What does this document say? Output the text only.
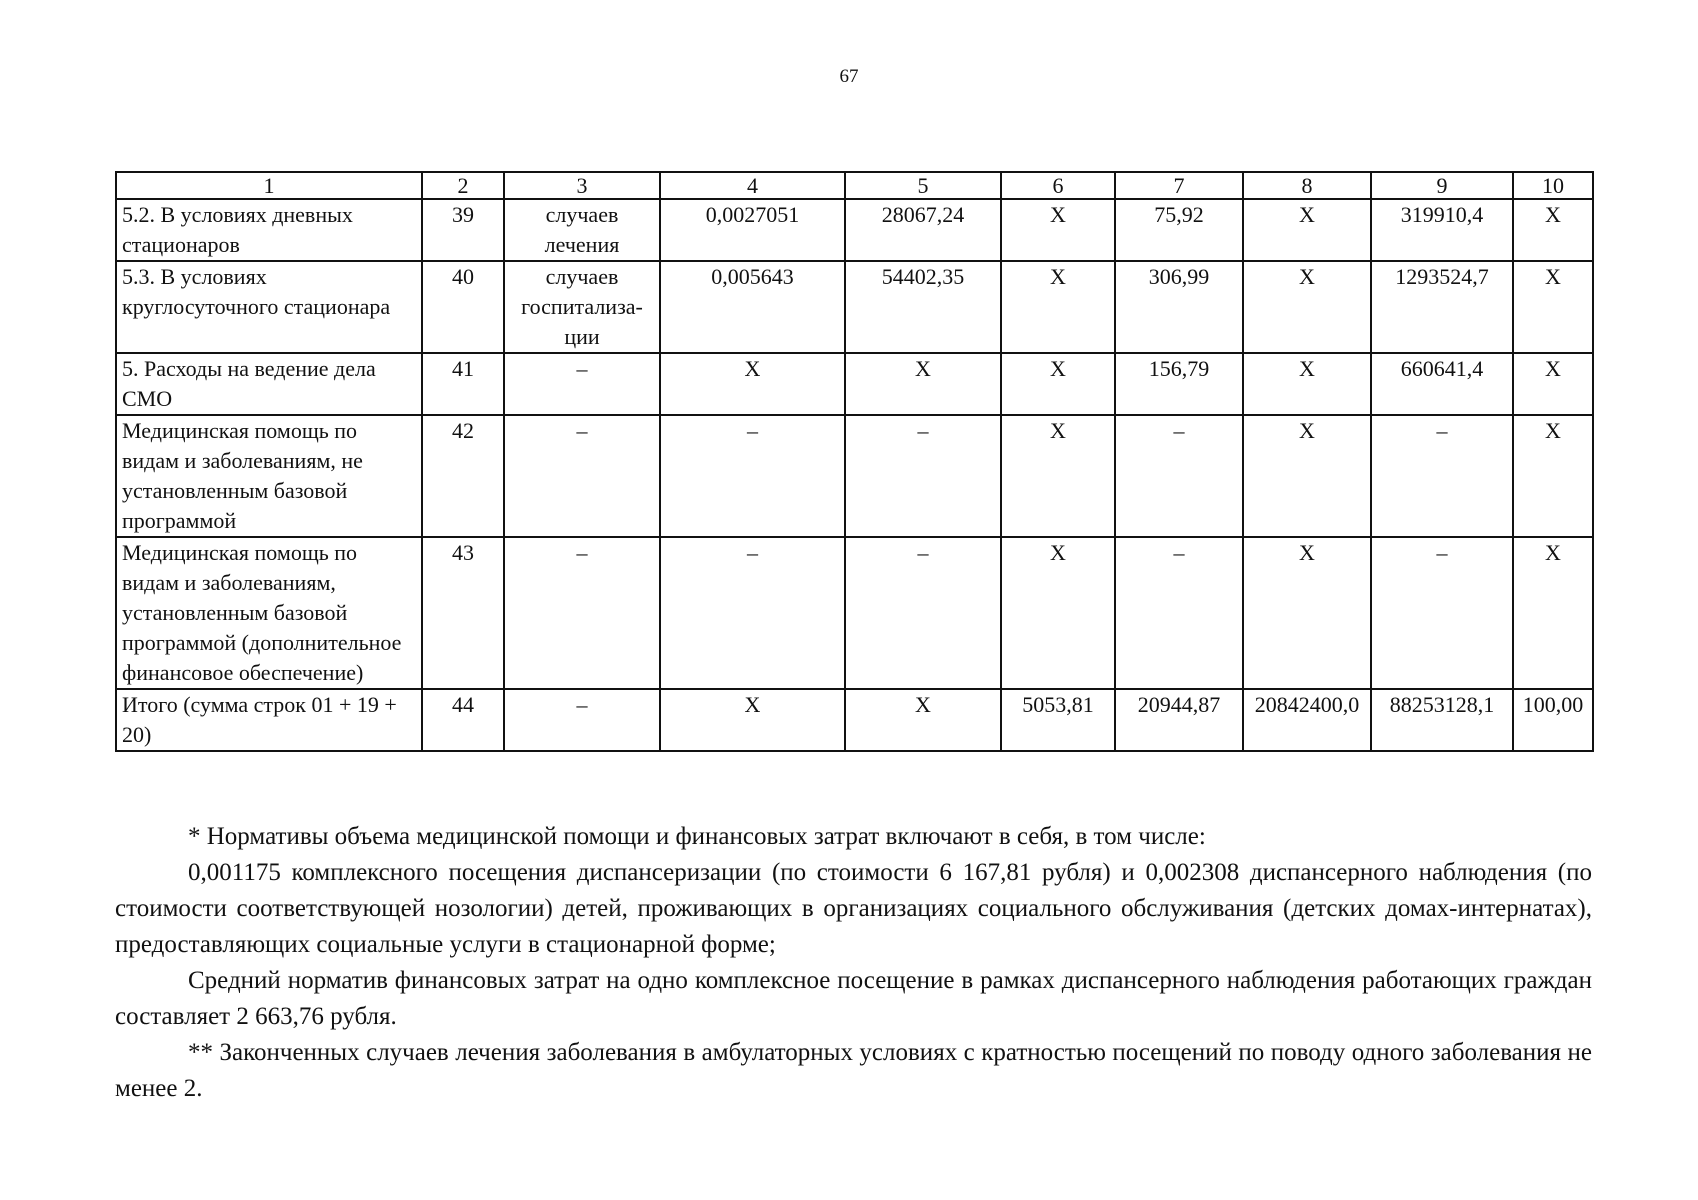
67
1	2	3	4	5	6	7	8	9	10
5.2. В условиях дневных стационаров	39	случаев лечения	0,0027051	28067,24	Х	75,92	Х	319910,4	Х
5.3. В условиях круглосуточного стационара	40	случаев госпитализа-ции	0,005643	54402,35	Х	306,99	Х	1293524,7	Х
5. Расходы на ведение дела СМО	41	–	Х	Х	Х	156,79	Х	660641,4	Х
Медицинская помощь по видам и заболеваниям, не установленным базовой программой	42	–	–	–	Х	–	Х	–	Х
Медицинская помощь по видам и заболеваниям, установленным базовой программой (дополнительное финансовое обеспечение)	43	–	–	–	Х	–	Х	–	Х
Итого (сумма строк 01 + 19 + 20)	44	–	Х	Х	5053,81	20944,87	20842400,0	88253128,1	100,00

* Нормативы объема медицинской помощи и финансовых затрат включают в себя, в том числе:

0,001175 комплексного посещения диспансеризации (по стоимости 6 167,81 рубля) и 0,002308 диспансерного наблюдения (по стоимости соответствующей нозологии) детей, проживающих в организациях социального обслуживания (детских домах-интернатах), предоставляющих социальные услуги в стационарной форме;

Средний норматив финансовых затрат на одно комплексное посещение в рамках диспансерного наблюдения работающих граждан составляет 2 663,76 рубля.

** Законченных случаев лечения заболевания в амбулаторных условиях с кратностью посещений по поводу одного заболевания не менее 2.
